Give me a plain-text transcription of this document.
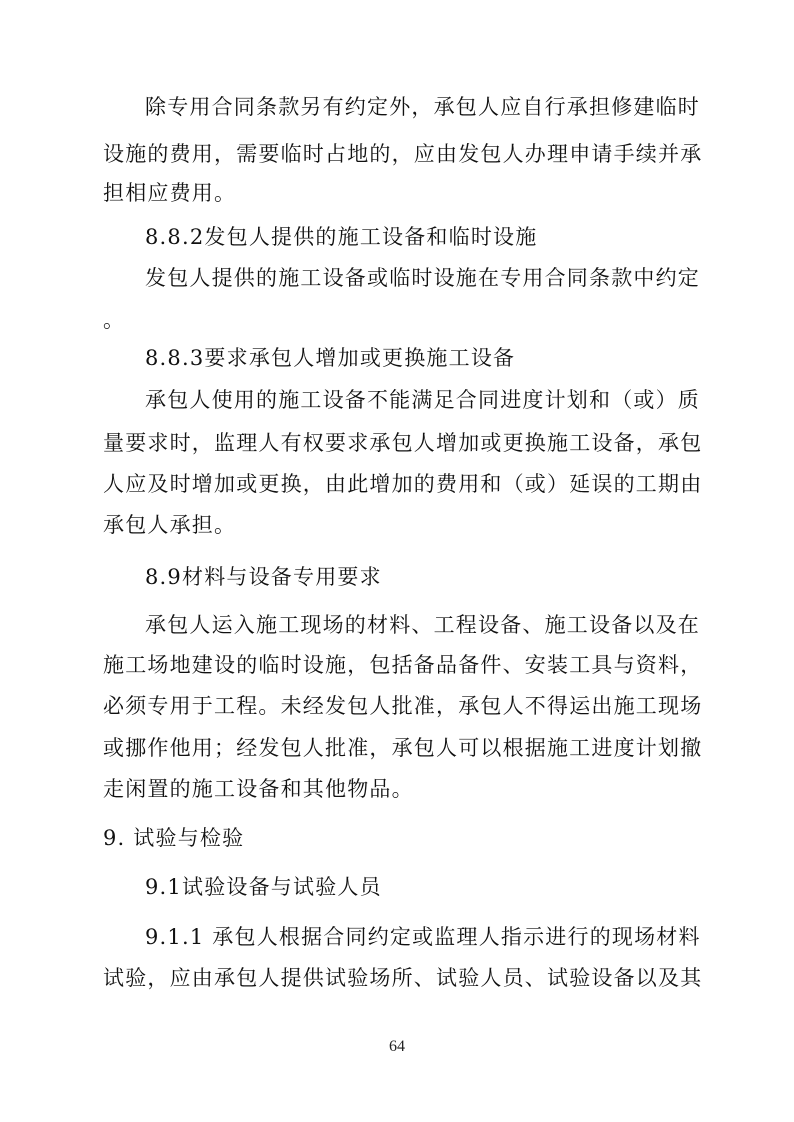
除专用合同条款另有约定外，承包人应自行承担修建临时
设施的费用，需要临时占地的，应由发包人办理申请手续并承
担相应费用。
8.8.2发包人提供的施工设备和临时设施
发包人提供的施工设备或临时设施在专用合同条款中约定
。
8.8.3要求承包人增加或更换施工设备
承包人使用的施工设备不能满足合同进度计划和（或）质
量要求时，监理人有权要求承包人增加或更换施工设备，承包
人应及时增加或更换，由此增加的费用和（或）延误的工期由
承包人承担。
8.9材料与设备专用要求
承包人运入施工现场的材料、工程设备、施工设备以及在
施工场地建设的临时设施，包括备品备件、安装工具与资料，
必须专用于工程。未经发包人批准，承包人不得运出施工现场
或挪作他用；经发包人批准，承包人可以根据施工进度计划撤
走闲置的施工设备和其他物品。
9. 试验与检验
9.1试验设备与试验人员
9.1.1 承包人根据合同约定或监理人指示进行的现场材料
试验，应由承包人提供试验场所、试验人员、试验设备以及其
64
